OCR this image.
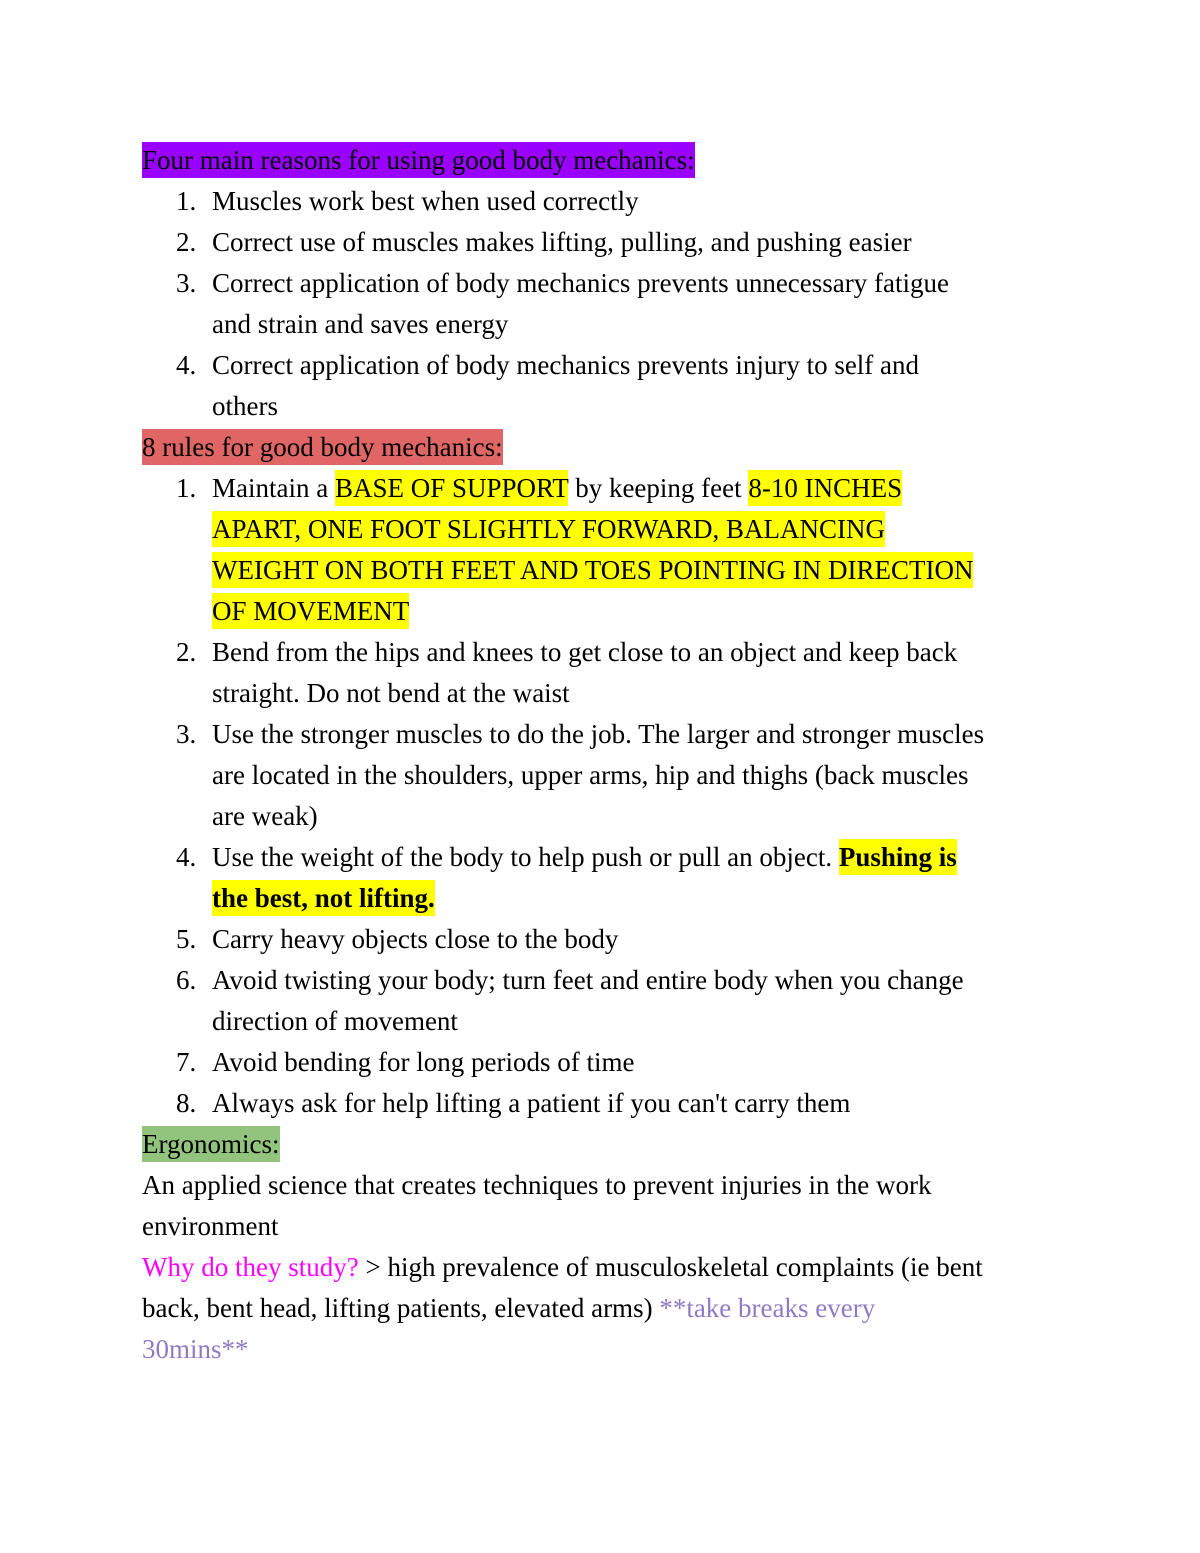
Four main reasons for using good body mechanics:
1. Muscles work best when used correctly
2. Correct use of muscles makes lifting, pulling, and pushing easier
3. Correct application of body mechanics prevents unnecessary fatigue
and strain and saves energy
4. Correct application of body mechanics prevents injury to self and
others
8 rules for good body mechanics:
1. Maintain a BASE OF SUPPORT by keeping feet 8-10 INCHES
APART, ONE FOOT SLIGHTLY FORWARD, BALANCING
WEIGHT ON BOTH FEET AND TOES POINTING IN DIRECTION
OF MOVEMENT
2. Bend from the hips and knees to get close to an object and keep back
straight. Do not bend at the waist
3. Use the stronger muscles to do the job. The larger and stronger muscles
are located in the shoulders, upper arms, hip and thighs (back muscles
are weak)
4. Use the weight of the body to help push or pull an object. Pushing is
the best, not lifting.
5. Carry heavy objects close to the body
6. Avoid twisting your body; turn feet and entire body when you change
direction of movement
7. Avoid bending for long periods of time
8. Always ask for help lifting a patient if you can't carry them
Ergonomics:
An applied science that creates techniques to prevent injuries in the work
environment
Why do they study? > high prevalence of musculoskeletal complaints (ie bent
back, bent head, lifting patients, elevated arms) **take breaks every
30mins**
